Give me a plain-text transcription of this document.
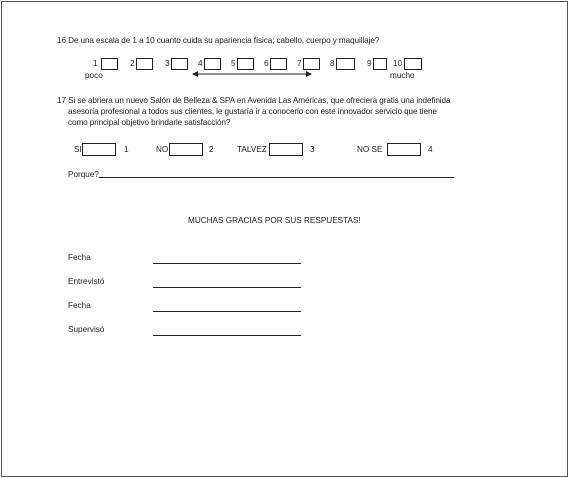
16 De una escala de 1 a 10 cuanto cuida su apariencia física; cabello, cuerpo y maquillaje?
1	2	3	4	5	6	7	8	9	10
poco	mucho
17 Si se abriera un nuevo Salón de Belleza & SPA en Avenida Las Américas, que ofreciera gratis una indefinida
asesoría profesional a todos sus clientes, le gustaría ir a conocerlo con este innovador servicio que tiene
como principal objetivo brindarle satisfacción?
SI	1	NO	2	TALVEZ	3	NO SE	4
Porque?
MUCHAS GRACIAS POR SUS RESPUESTAS!
Fecha
Entrevistó
Fecha
Supervisó
